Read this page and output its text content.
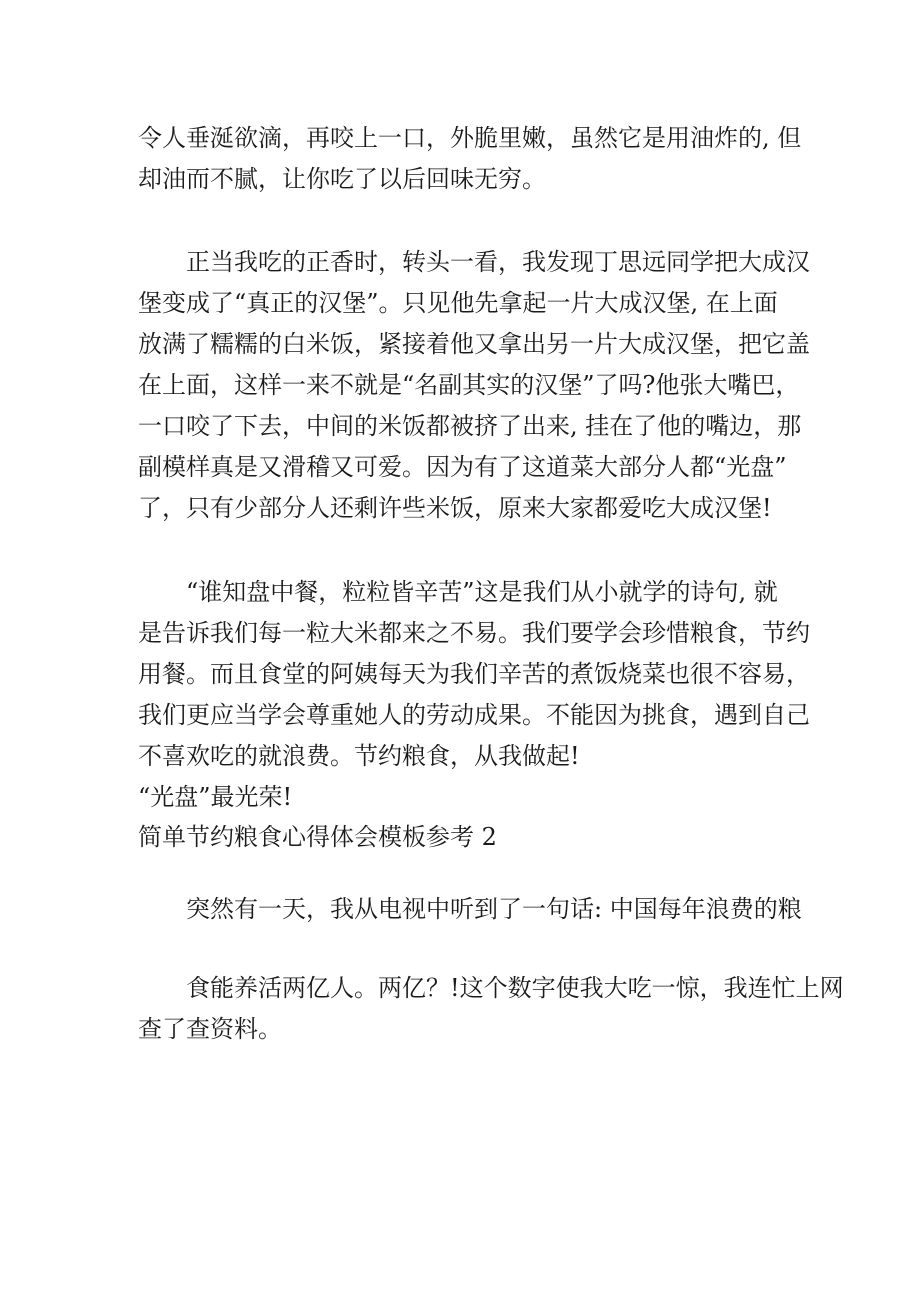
令人垂涎欲滴，再咬上一口，外脆里嫩，虽然它是用油炸的, 但

却油而不腻，让你吃了以后回味无穷。

正当我吃的正香时，转头一看，我发现丁思远同学把大成汉

堡变成了“真正的汉堡”。只见他先拿起一片大成汉堡, 在上面

放满了糯糯的白米饭，紧接着他又拿出另一片大成汉堡，把它盖

在上面，这样一来不就是“名副其实的汉堡”了吗?他张大嘴巴，

一口咬了下去，中间的米饭都被挤了出来, 挂在了他的嘴边，那

副模样真是又滑稽又可爱。因为有了这道菜大部分人都“光盘”

了，只有少部分人还剩许些米饭，原来大家都爱吃大成汉堡!

“谁知盘中餐，粒粒皆辛苦”这是我们从小就学的诗句, 就

是告诉我们每一粒大米都来之不易。我们要学会珍惜粮食，节约

用餐。而且食堂的阿姨每天为我们辛苦的煮饭烧菜也很不容易，

我们更应当学会尊重她人的劳动成果。不能因为挑食，遇到自己

不喜欢吃的就浪费。节约粮食，从我做起!

“光盘”最光荣!

简单节约粮食心得体会模板参考 2

突然有一天，我从电视中听到了一句话: 中国每年浪费的粮

食能养活两亿人。两亿？!这个数字使我大吃一惊，我连忙上网

查了查资料。
